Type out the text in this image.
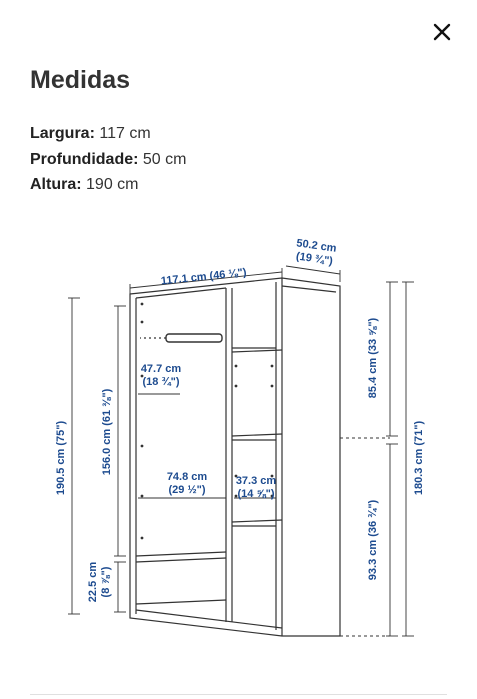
Medidas
Largura: 117 cm
Profundidade: 50 cm
Altura: 190 cm
117.1 cm (46 ⅛")
50.2 cm
(19 ¾")
190.5 cm (75")	156.0 cm (61 ⅜")
22.5 cm (8 ⅞")
47.7 cm
(18 ¾")
74.8 cm
(29 ½")
37.3 cm
(14 ⅝")
85.4 cm (33 ⅝")
93.3 cm (36 ¾")
180.3 cm (71")
